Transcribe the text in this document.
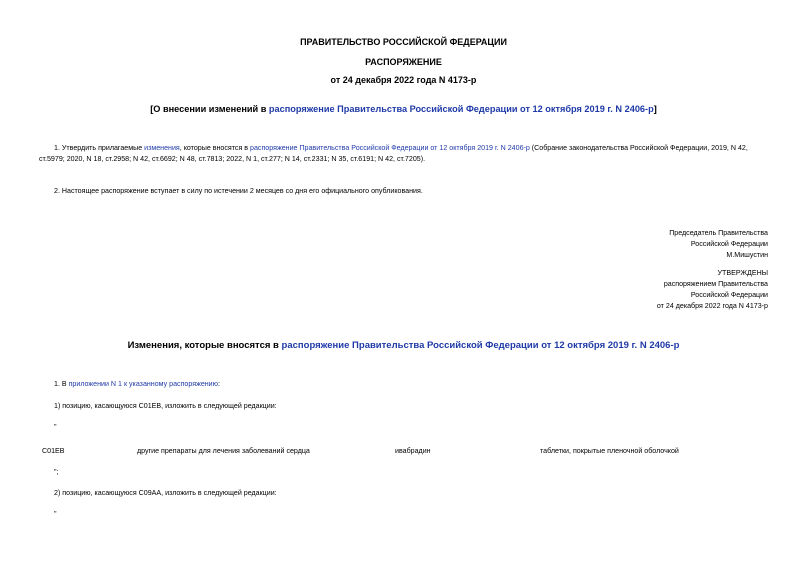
ПРАВИТЕЛЬСТВО РОССИЙСКОЙ ФЕДЕРАЦИИ
РАСПОРЯЖЕНИЕ
от 24 декабря 2022 года N 4173-р
[О внесении изменений в распоряжение Правительства Российской Федерации от 12 октября 2019 г. N 2406-р]
1. Утвердить прилагаемые изменения, которые вносятся в распоряжение Правительства Российской Федерации от 12 октября 2019 г. N 2406-р (Собрание законодательства Российской Федерации, 2019, N 42, ст.5979; 2020, N 18, ст.2958; N 42, ст.6692; N 48, ст.7813; 2022, N 1, ст.277; N 14, ст.2331; N 35, ст.6191; N 42, ст.7205).
2. Настоящее распоряжение вступает в силу по истечении 2 месяцев со дня его официального опубликования.
Председатель Правительства
Российской Федерации
М.Мишустин
УТВЕРЖДЕНЫ
распоряжением Правительства
Российской Федерации
от 24 декабря 2022 года N 4173-р
Изменения, которые вносятся в распоряжение Правительства Российской Федерации от 12 октября 2019 г. N 2406-р
1. В приложении N 1 к указанному распоряжению:
1) позицию, касающуюся C01EB, изложить в следующей редакции:
"
C01EB	другие препараты для лечения заболеваний сердца	ивабрадин	таблетки, покрытые пленочной оболочкой
";
2) позицию, касающуюся C09AA, изложить в следующей редакции:
"
